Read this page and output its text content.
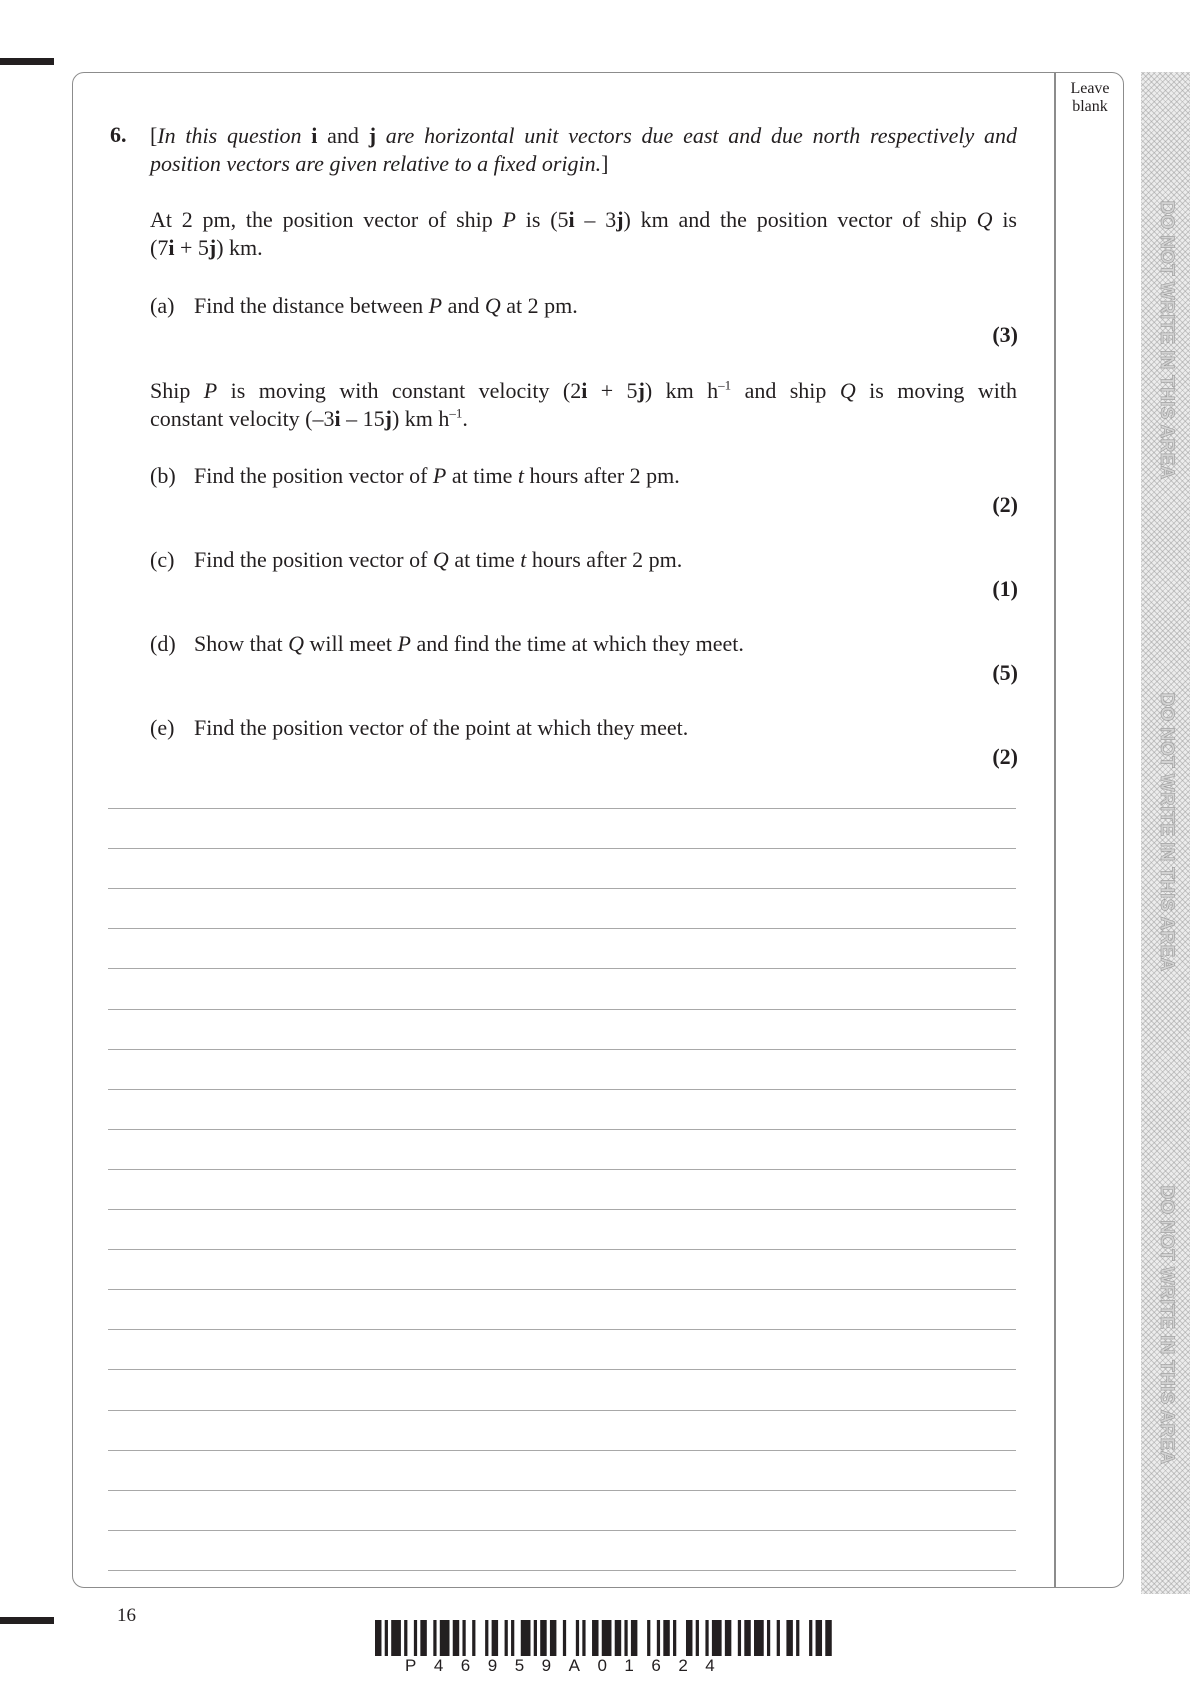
Leave
blank
DO NOT WRITE IN THIS AREA
DO NOT WRITE IN THIS AREA
DO NOT WRITE IN THIS AREA
6. [In this question i and j are horizontal unit vectors due east and due north respectively and
position vectors are given relative to a fixed origin.]
At 2 pm, the position vector of ship P is (5i – 3j) km and the position vector of ship Q is
(7i + 5j) km.
(a) Find the distance between P and Q at 2 pm.
(3)
Ship P is moving with constant velocity (2i + 5j) km $h^{-1}$ and ship Q is moving with
constant velocity (–3i – 15j) km $h^{-1}$.
(b) Find the position vector of P at time t hours after 2 pm.
(2)
(c) Find the position vector of Q at time t hours after 2 pm.
(1)
(d) Show that Q will meet P and find the time at which they meet.
(5)
(e) Find the position vector of the point at which they meet.
(2)
16
P46959A01624
